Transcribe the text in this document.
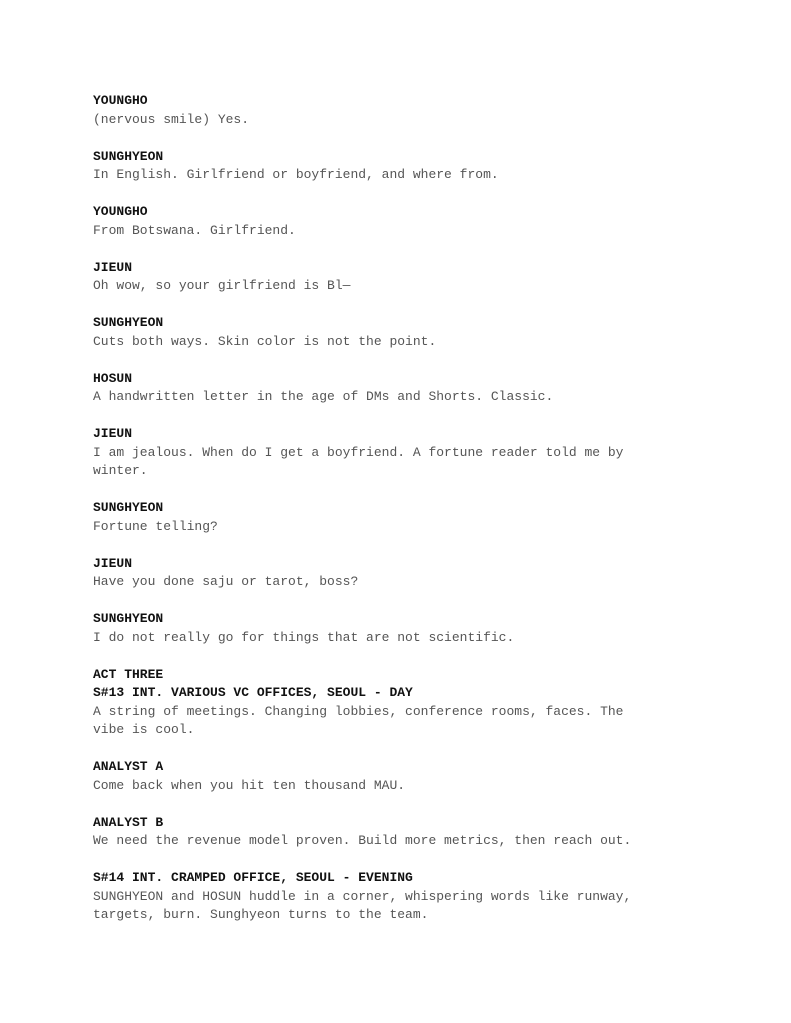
YOUNGHO

(nervous smile) Yes.

SUNGHYEON

In English. Girlfriend or boyfriend, and where from.

YOUNGHO

From Botswana. Girlfriend.

JIEUN

Oh wow, so your girlfriend is Bl—

SUNGHYEON

Cuts both ways. Skin color is not the point.

HOSUN

A handwritten letter in the age of DMs and Shorts. Classic.

JIEUN

I am jealous. When do I get a boyfriend. A fortune reader told me by

winter.

SUNGHYEON

Fortune telling?

JIEUN

Have you done saju or tarot, boss?

SUNGHYEON

I do not really go for things that are not scientific.

ACT THREE

S#13 INT. VARIOUS VC OFFICES, SEOUL - DAY

A string of meetings. Changing lobbies, conference rooms, faces. The

vibe is cool.

ANALYST A

Come back when you hit ten thousand MAU.

ANALYST B

We need the revenue model proven. Build more metrics, then reach out.

S#14 INT. CRAMPED OFFICE, SEOUL - EVENING

SUNGHYEON and HOSUN huddle in a corner, whispering words like runway,

targets, burn. Sunghyeon turns to the team.
